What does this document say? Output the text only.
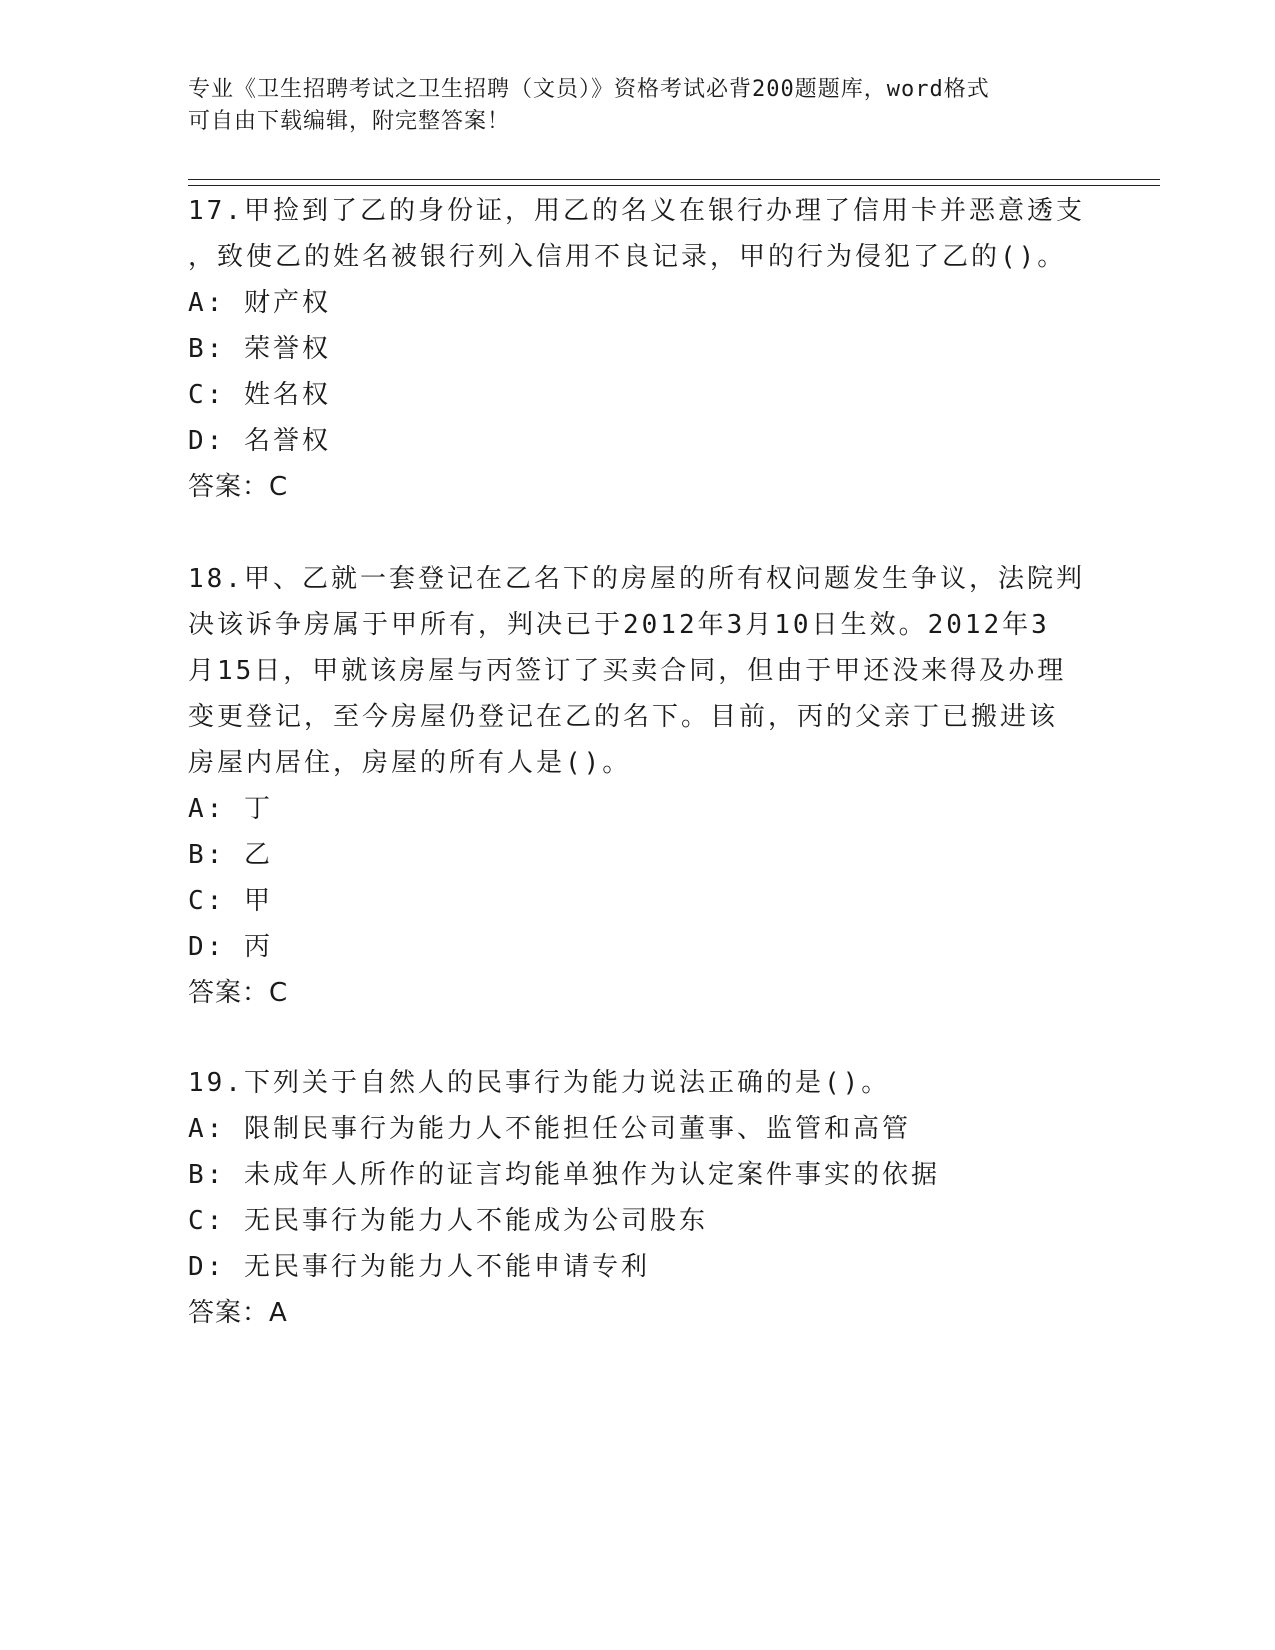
专业《卫生招聘考试之卫生招聘（文员）》资格考试必背200题题库，word格式
可自由下载编辑，附完整答案！

17.甲捡到了乙的身份证，用乙的名义在银行办理了信用卡并恶意透支

，致使乙的姓名被银行列入信用不良记录，甲的行为侵犯了乙的()。

A: 财产权

B: 荣誉权

C: 姓名权

D: 名誉权

答案：C

18.甲、乙就一套登记在乙名下的房屋的所有权问题发生争议，法院判

决该诉争房属于甲所有，判决已于2012年3月10日生效。2012年3

月15日，甲就该房屋与丙签订了买卖合同，但由于甲还没来得及办理

变更登记，至今房屋仍登记在乙的名下。目前，丙的父亲丁已搬进该

房屋内居住，房屋的所有人是()。

A: 丁

B: 乙

C: 甲

D: 丙

答案：C

19.下列关于自然人的民事行为能力说法正确的是()。

A: 限制民事行为能力人不能担任公司董事、监管和高管

B: 未成年人所作的证言均能单独作为认定案件事实的依据

C: 无民事行为能力人不能成为公司股东

D: 无民事行为能力人不能申请专利

答案：A
